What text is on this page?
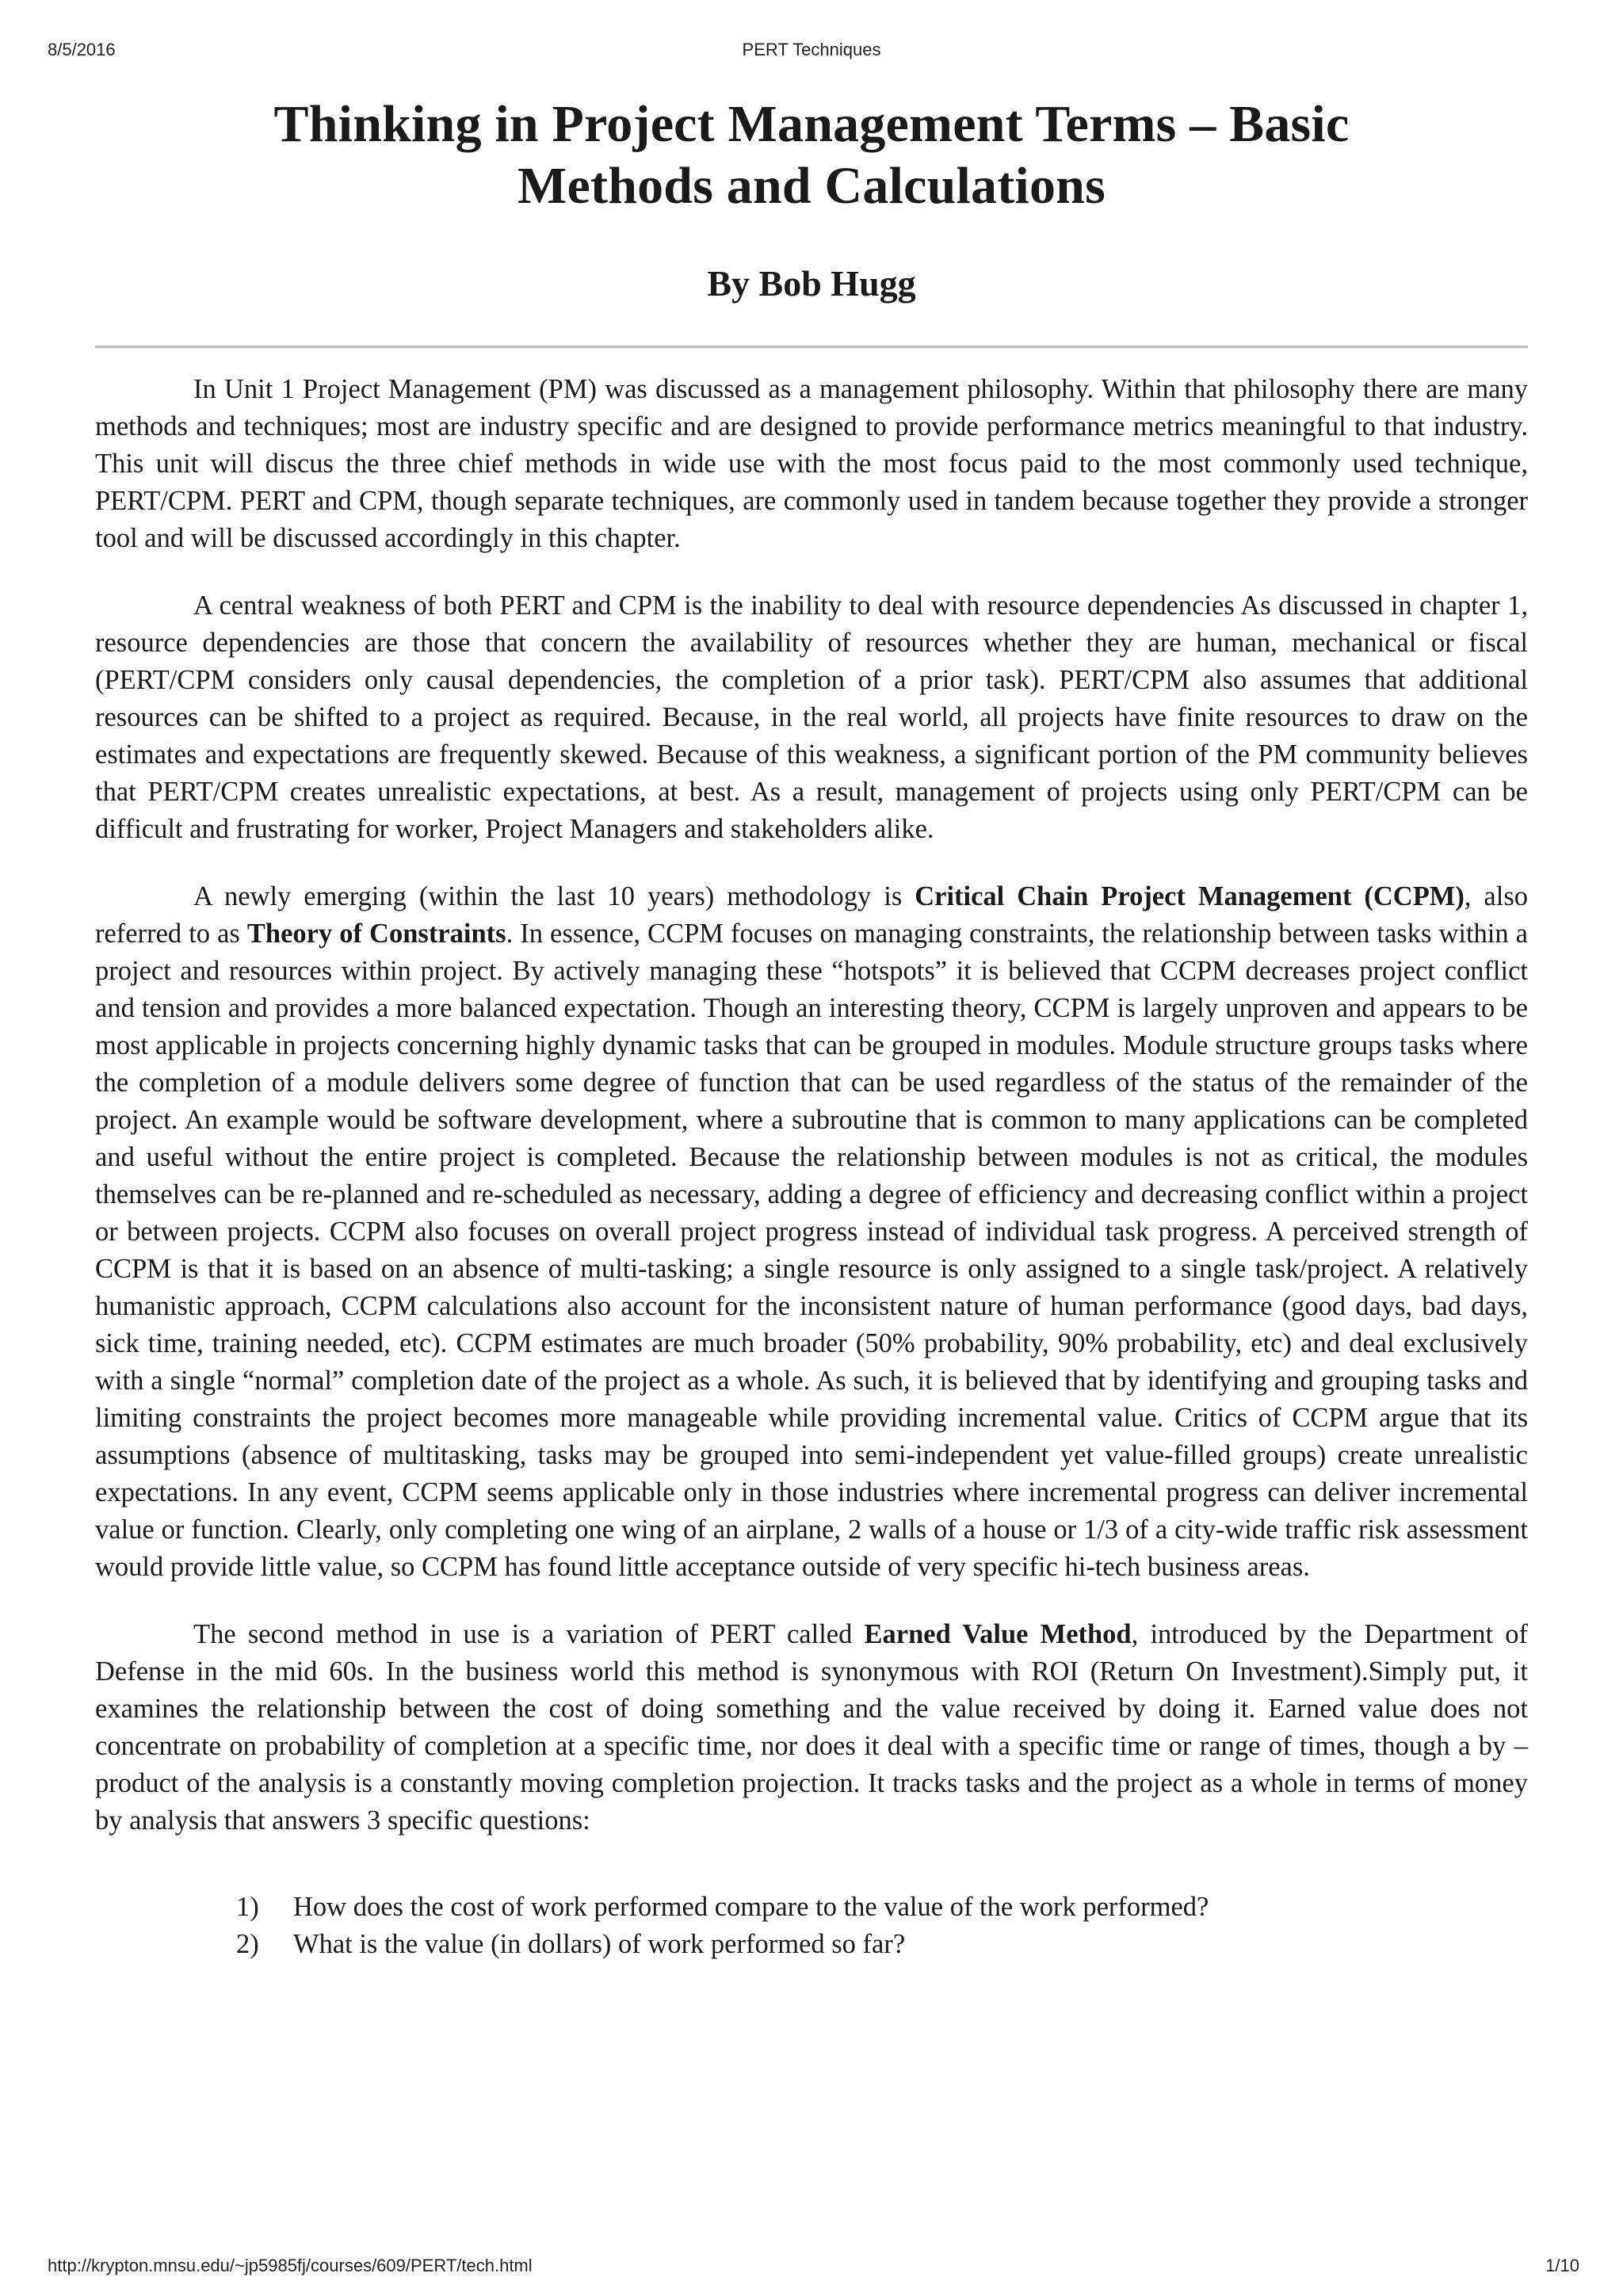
8/5/2016	PERT Techniques
Thinking in Project Management Terms – Basic
Methods and Calculations
By Bob Hugg

In Unit 1 Project Management (PM) was discussed as a management philosophy. Within that philosophy there are many methods and techniques; most are industry specific and are designed to provide performance metrics meaningful to that industry. This unit will discus the three chief methods in wide use with the most focus paid to the most commonly used technique, PERT/CPM. PERT and CPM, though separate techniques, are commonly used in tandem because together they provide a stronger tool and will be discussed accordingly in this chapter.

A central weakness of both PERT and CPM is the inability to deal with resource dependencies As discussed in chapter 1, resource dependencies are those that concern the availability of resources whether they are human, mechanical or fiscal (PERT/CPM considers only causal dependencies, the completion of a prior task). PERT/CPM also assumes that additional resources can be shifted to a project as required. Because, in the real world, all projects have finite resources to draw on the estimates and expectations are frequently skewed. Because of this weakness, a significant portion of the PM community believes that PERT/CPM creates unrealistic expectations, at best. As a result, management of projects using only PERT/CPM can be difficult and frustrating for worker, Project Managers and stakeholders alike.

A newly emerging (within the last 10 years) methodology is Critical Chain Project Management (CCPM), also referred to as Theory of Constraints. In essence, CCPM focuses on managing constraints, the relationship between tasks within a project and resources within project. By actively managing these “hotspots” it is believed that CCPM decreases project conflict and tension and provides a more balanced expectation. Though an interesting theory, CCPM is largely unproven and appears to be most applicable in projects concerning highly dynamic tasks that can be grouped in modules. Module structure groups tasks where the completion of a module delivers some degree of function that can be used regardless of the status of the remainder of the project. An example would be software development, where a subroutine that is common to many applications can be completed and useful without the entire project is completed. Because the relationship between modules is not as critical, the modules themselves can be re-planned and re-scheduled as necessary, adding a degree of efficiency and decreasing conflict within a project or between projects. CCPM also focuses on overall project progress instead of individual task progress. A perceived strength of CCPM is that it is based on an absence of multi-tasking; a single resource is only assigned to a single task/project. A relatively humanistic approach, CCPM calculations also account for the inconsistent nature of human performance (good days, bad days, sick time, training needed, etc). CCPM estimates are much broader (50% probability, 90% probability, etc) and deal exclusively with a single “normal” completion date of the project as a whole. As such, it is believed that by identifying and grouping tasks and limiting constraints the project becomes more manageable while providing incremental value. Critics of CCPM argue that its assumptions (absence of multitasking, tasks may be grouped into semi-independent yet value-filled groups) create unrealistic expectations. In any event, CCPM seems applicable only in those industries where incremental progress can deliver incremental value or function. Clearly, only completing one wing of an airplane, 2 walls of a house or 1/3 of a city-wide traffic risk assessment would provide little value, so CCPM has found little acceptance outside of very specific hi-tech business areas.

The second method in use is a variation of PERT called Earned Value Method, introduced by the Department of Defense in the mid 60s. In the business world this method is synonymous with ROI (Return On Investment).Simply put, it examines the relationship between the cost of doing something and the value received by doing it. Earned value does not concentrate on probability of completion at a specific time, nor does it deal with a specific time or range of times, though a by –product of the analysis is a constantly moving completion projection. It tracks tasks and the project as a whole in terms of money by analysis that answers 3 specific questions:

1) How does the cost of work performed compare to the value of the work performed?
2) What is the value (in dollars) of work performed so far?
http://krypton.mnsu.edu/~jp5985fj/courses/609/PERT/tech.html	1/10
